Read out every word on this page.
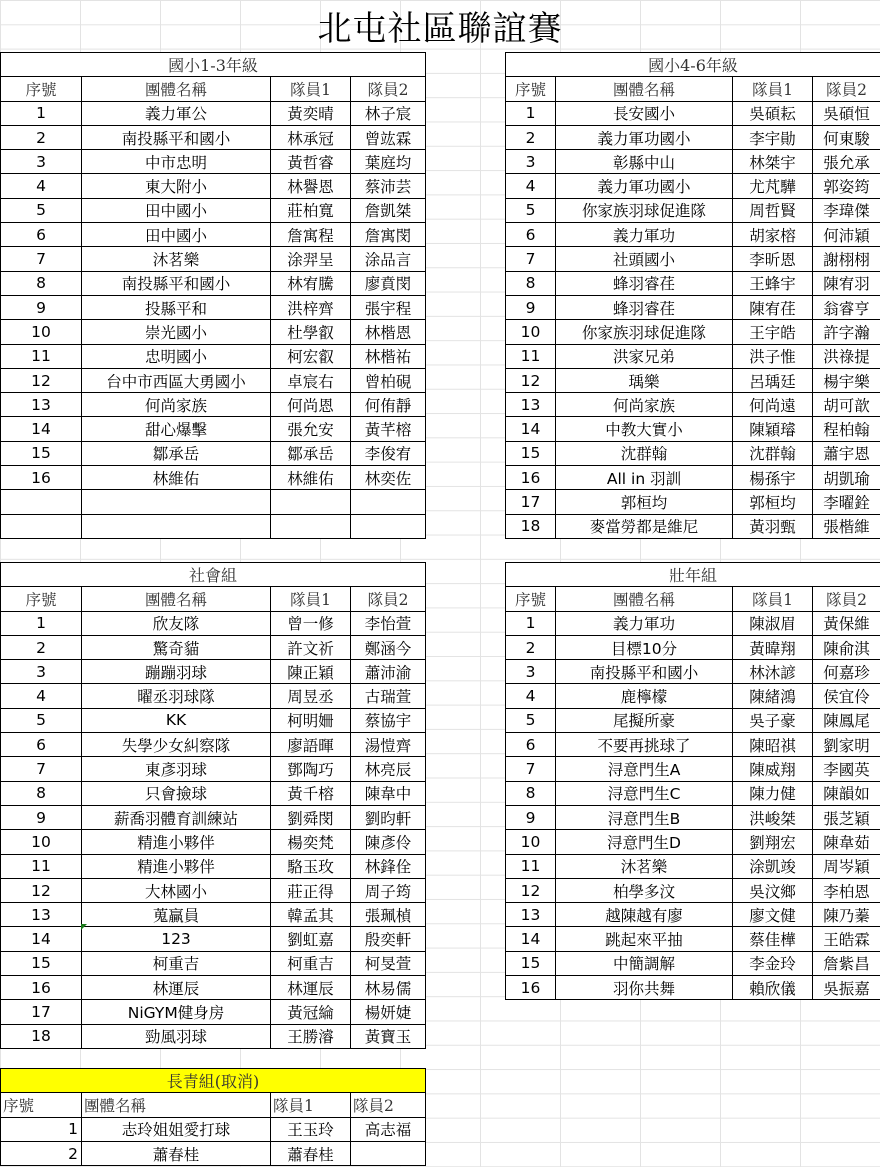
北屯社區聯誼賽
國小1-3年級			
序號	團體名稱	隊員1	隊員2
1	義力軍公	黃奕晴	林子宸
2	南投縣平和國小	林承冠	曾竑霖
3	中市忠明	黃哲睿	葉庭均
4	東大附小	林譽恩	蔡沛芸
5	田中國小	莊柏寬	詹凱桀
6	田中國小	詹寓程	詹寓閔
7	沐茗樂	涂羿呈	涂品言
8	南投縣平和國小	林宥騰	廖賁閔
9	投縣平和	洪梓齊	張宇程
10	崇光國小	杜學叡	林楷恩
11	忠明國小	柯宏叡	林楷祐
12	台中市西區大勇國小	卓宸右	曾柏硯
13	何尚家族	何尚恩	何侑靜
14	甜心爆擊	張允安	黃芊榕
15	鄒承岳	鄒承岳	李俊宥
16	林維佑	林維佑	林奕佐

國小4-6年級			
序號	團體名稱	隊員1	隊員2
1	長安國小	吳碩耘	吳碩恒
2	義力軍功國小	李宇勛	何東駿
3	彰縣中山	林桀宇	張允承
4	義力軍功國小	尤芃驊	郭姿筠
5	你家族羽球促進隊	周哲賢	李瑋傑
6	義力軍功	胡家榕	何沛穎
7	社頭國小	李昕恩	謝栩栩
8	蜂羽睿荏	王蜂宇	陳宥羽
9	蜂羽睿荏	陳宥荏	翁睿亨
10	你家族羽球促進隊	王宇皓	許字瀚
11	洪家兄弟	洪子惟	洪祿提
12	瑀樂	呂瑀廷	楊宇樂
13	何尚家族	何尚遠	胡可歆
14	中教大實小	陳穎璿	程柏翰
15	沈群翰	沈群翰	蕭宇恩
16	All in 羽訓	楊孫宇	胡凱瑜
17	郭桓均	郭桓均	李曜銓
18	麥當勞都是維尼	黃羽甄	張楷維
社會組			
序號	團體名稱	隊員1	隊員2
1	欣友隊	曾一修	李怡萱
2	驚奇貓	許文祈	鄭涵今
3	蹦蹦羽球	陳正穎	蕭沛渝
4	曜丞羽球隊	周昱丞	古瑞萱
5	KK	柯明姍	蔡協宇
6	失學少女糾察隊	廖語暉	湯愷齊
7	東彥羽球	鄧陶巧	林亮辰
8	只會撿球	黃千榕	陳韋中
9	薪喬羽體育訓練站	劉舜閔	劉昀軒
10	精進小夥伴	楊奕梵	陳彥伶
11	精進小夥伴	駱玉玫	林鋒佺
12	大林國小	莊正得	周子筠
13	蒐贏員	韓孟其	張珮楨
14	123	劉虹嘉	殷奕軒
15	柯重吉	柯重吉	柯旻萱
16	林運辰	林運辰	林易儒
17	NiGYM健身房	黃冠綸	楊妍婕
18	勁風羽球	王勝濬	黃寶玉
壯年組			
序號	團體名稱	隊員1	隊員2
1	義力軍功	陳淑眉	黃保維
2	目標10分	黃暐翔	陳俞淇
3	南投縣平和國小	林沐諺	何嘉珍
4	鹿檸檬	陳緒鴻	侯宜伶
5	尾擬所豪	吳子豪	陳鳳尾
6	不要再挑球了	陳昭祺	劉家明
7	浔意門生A	陳威翔	李國英
8	浔意門生C	陳力健	陳韻如
9	浔意門生B	洪峻桀	張芝穎
10	浔意門生D	劉翔宏	陳韋茹
11	沐茗樂	涂凱竣	周岑穎
12	柏學多汶	吳汶鄉	李柏恩
13	越陳越有廖	廖文健	陳乃蓁
14	跳起來平抽	蔡佳樺	王皓霖
15	中簡調解	李金玲	詹紫昌
16	羽你共舞	賴欣儀	吳振嘉
長青組(取消)			
序號	團體名稱	隊員1	隊員2
1	志玲姐姐愛打球	王玉玲	高志福
2	蕭春桂	蕭春桂	
